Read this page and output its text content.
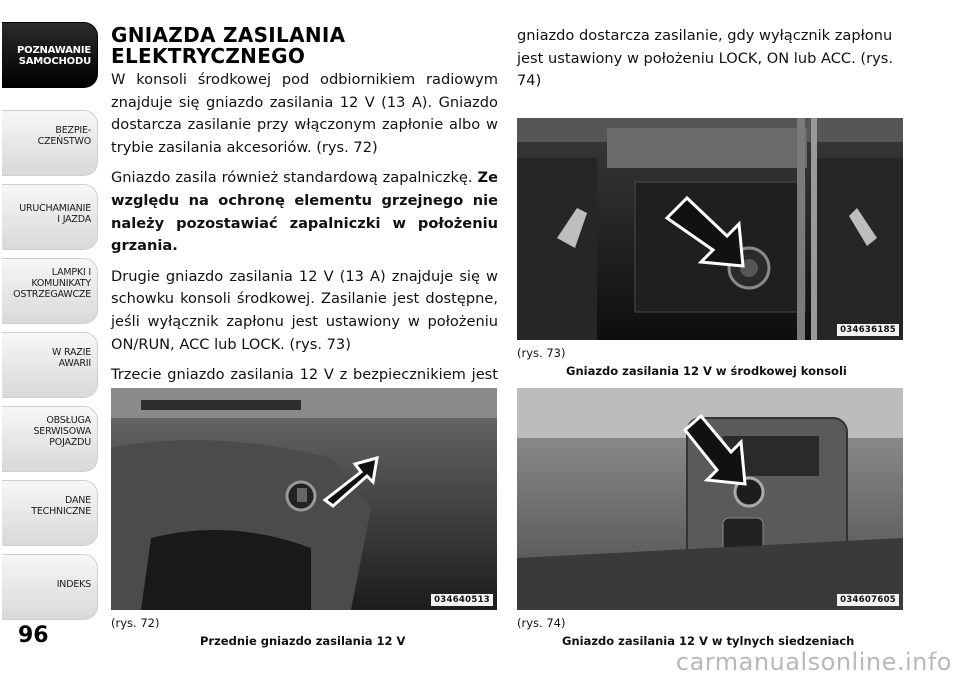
POZNAWANIE
SAMOCHODU
BEZPIE-
CZEŃSTWO
URUCHAMIANIE
I JAZDA
LAMPKI I
KOMUNIKATY
OSTRZEGAWCZE
W RAZIE
AWARII
OBSŁUGA
SERWISOWA
POJAZDU
DANE
TECHNICZNE
INDEKS
96
GNIAZDA ZASILANIA
ELEKTRYCZNEGO

W konsoli środkowej pod odbiornikiem radiowym znajduje się gniazdo zasilania 12 V (13 A). Gniazdo dostarcza zasilanie przy włączonym zapłonie albo w trybie zasilania akcesoriów. (rys. 72)

Gniazdo zasila również standardową zapalniczkę. Ze względu na ochronę elementu grzejnego nie należy pozostawiać zapalniczki w położeniu grzania.

Drugie gniazdo zasilania 12 V (13 A) znajduje się w schowku konsoli środkowej. Zasilanie jest dostępne, jeśli wyłącznik zapłonu jest ustawiony w położeniu ON/RUN, ACC lub LOCK. (rys. 73)

Trzecie gniazdo zasilania 12 V z bezpiecznikiem jest

gniazdo dostarcza zasilanie, gdy wyłącznik zapłonu jest ustawiony w położeniu LOCK, ON lub ACC. (rys. 74)

034636185
(rys. 73)
Gniazdo zasilania 12 V w środkowej konsoli
034640513
(rys. 72)
Przednie gniazdo zasilania 12 V
034607605
(rys. 74)
Gniazdo zasilania 12 V w tylnych siedzeniach
carmanualsonline.info
